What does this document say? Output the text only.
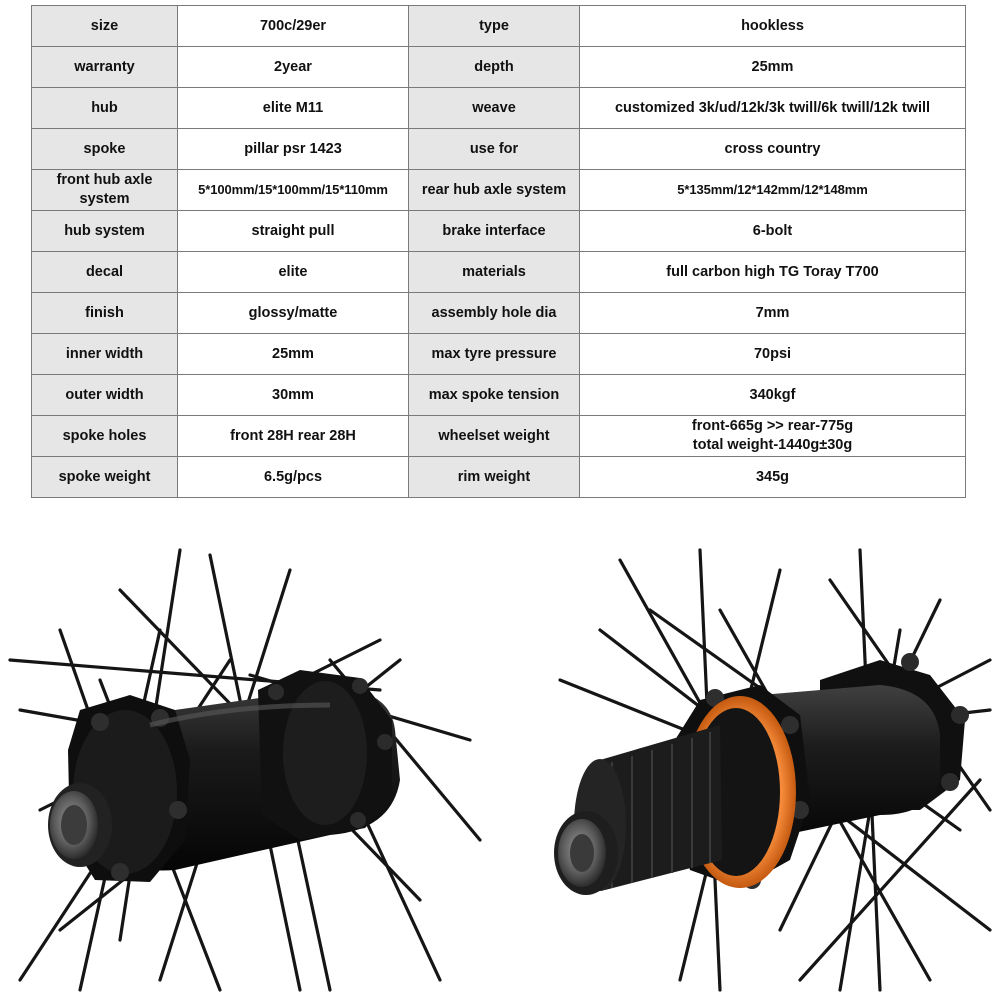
size	700c/29er	type	hookless
warranty	2year	depth	25mm
hub	elite M11	weave	customized 3k/ud/12k/3k twill/6k twill/12k twill
spoke	pillar psr 1423	use for	cross country

front hub axle
system	5*100mm/15*100mm/15*110mm	rear hub axle system	5*135mm/12*142mm/12*148mm
hub system	straight pull	brake interface	6-bolt
decal	elite	materials	full carbon high TG Toray T700
finish	glossy/matte	assembly hole dia	7mm
inner width	25mm	max tyre pressure	70psi
outer width	30mm	max spoke tension	340kgf
spoke holes	front 28H rear 28H	wheelset weight	front-665g >> rear-775g
total weight-1440g±30g

spoke weight	6.5g/pcs	rim weight	345g
